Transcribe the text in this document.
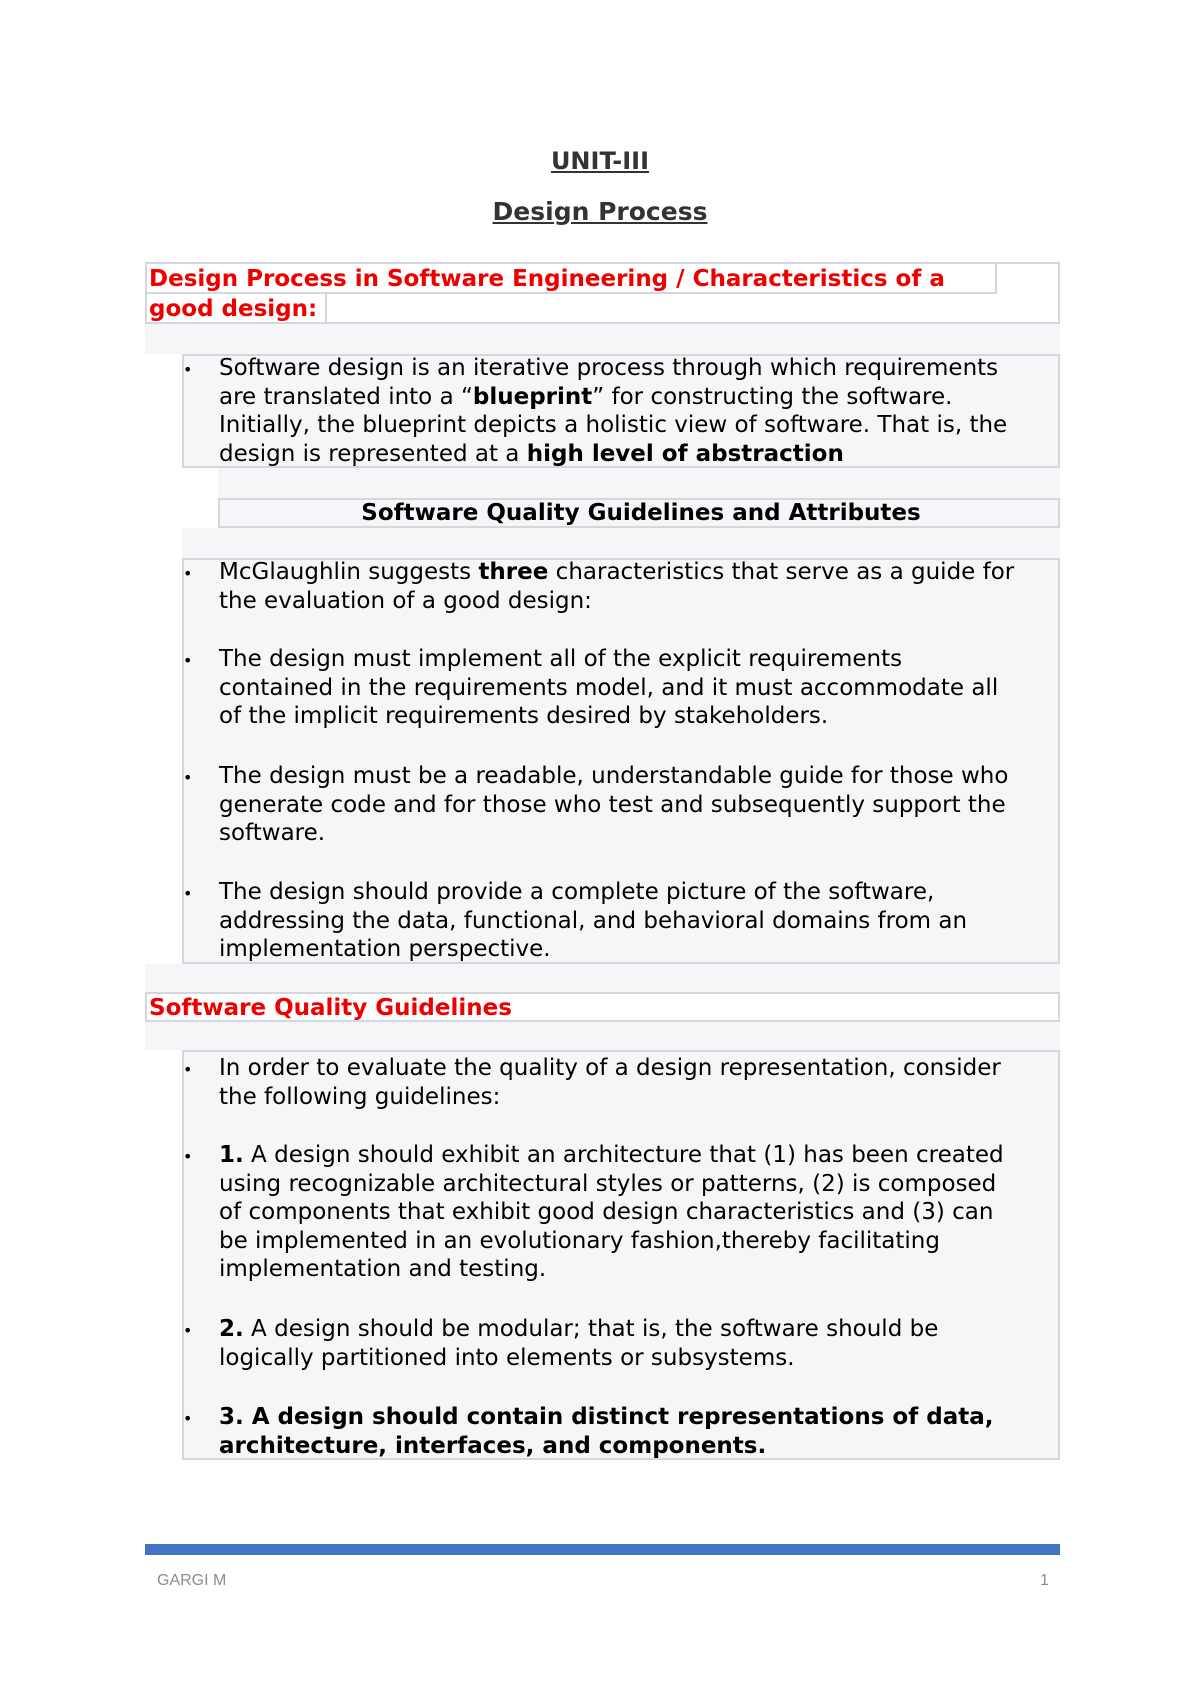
UNIT-III
Design Process
Design Process in Software Engineering / Characteristics of a
good design:
• Software design is an iterative process through which requirements
are translated into a “blueprint” for constructing the software.
Initially, the blueprint depicts a holistic view of software. That is, the
design is represented at a high level of abstraction
Software Quality Guidelines and Attributes
• McGlaughlin suggests three characteristics that serve as a guide for
the evaluation of a good design:
• The design must implement all of the explicit requirements
contained in the requirements model, and it must accommodate all
of the implicit requirements desired by stakeholders.
• The design must be a readable, understandable guide for those who
generate code and for those who test and subsequently support the
software.
• The design should provide a complete picture of the software,
addressing the data, functional, and behavioral domains from an
implementation perspective.
Software Quality Guidelines
• In order to evaluate the quality of a design representation, consider
the following guidelines:
• 1. A design should exhibit an architecture that (1) has been created
using recognizable architectural styles or patterns, (2) is composed
of components that exhibit good design characteristics and (3) can
be implemented in an evolutionary fashion,thereby facilitating
implementation and testing.
• 2. A design should be modular; that is, the software should be
logically partitioned into elements or subsystems.
• 3. A design should contain distinct representations of data,
architecture, interfaces, and components.
GARGI M	1
